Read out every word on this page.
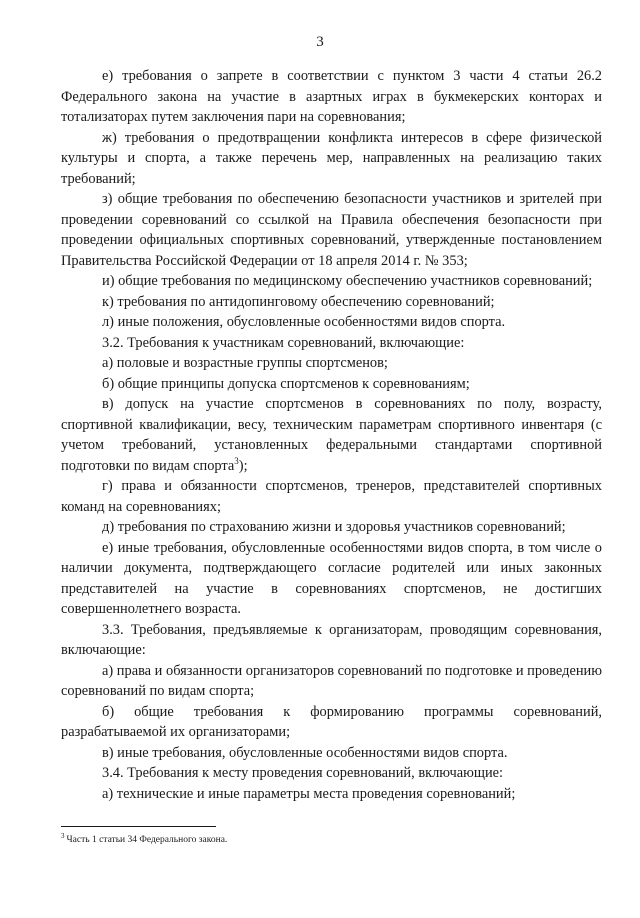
3

е) требования о запрете в соответствии с пунктом 3 части 4 статьи 26.2 Федерального закона на участие в азартных играх в букмекерских конторах и тотализаторах путем заключения пари на соревнования;

ж) требования о предотвращении конфликта интересов в сфере физической культуры и спорта, а также перечень мер, направленных на реализацию таких требований;

з) общие требования по обеспечению безопасности участников и зрителей при проведении соревнований со ссылкой на Правила обеспечения безопасности при проведении официальных спортивных соревнований, утвержденные постановлением Правительства Российской Федерации от 18 апреля 2014 г. № 353;

и) общие требования по медицинскому обеспечению участников соревнований;

к) требования по антидопинговому обеспечению соревнований;

л) иные положения, обусловленные особенностями видов спорта.

3.2. Требования к участникам соревнований, включающие:

а) половые и возрастные группы спортсменов;

б) общие принципы допуска спортсменов к соревнованиям;

в) допуск на участие спортсменов в соревнованиях по полу, возрасту, спортивной квалификации, весу, техническим параметрам спортивного инвентаря (с учетом требований, установленных федеральными стандартами спортивной подготовки по видам спорта$^3$);

г) права и обязанности спортсменов, тренеров, представителей спортивных команд на соревнованиях;

д) требования по страхованию жизни и здоровья участников соревнований;

е) иные требования, обусловленные особенностями видов спорта, в том числе о наличии документа, подтверждающего согласие родителей или иных законных представителей на участие в соревнованиях спортсменов, не достигших совершеннолетнего возраста.

3.3. Требования, предъявляемые к организаторам, проводящим соревнования, включающие:

а) права и обязанности организаторов соревнований по подготовке и проведению соревнований по видам спорта;

б) общие требования к формированию программы соревнований, разрабатываемой их организаторами;

в) иные требования, обусловленные особенностями видов спорта.

3.4. Требования к месту проведения соревнований, включающие:

а) технические и иные параметры места проведения соревнований;

$^3$ Часть 1 статьи 34 Федерального закона.
